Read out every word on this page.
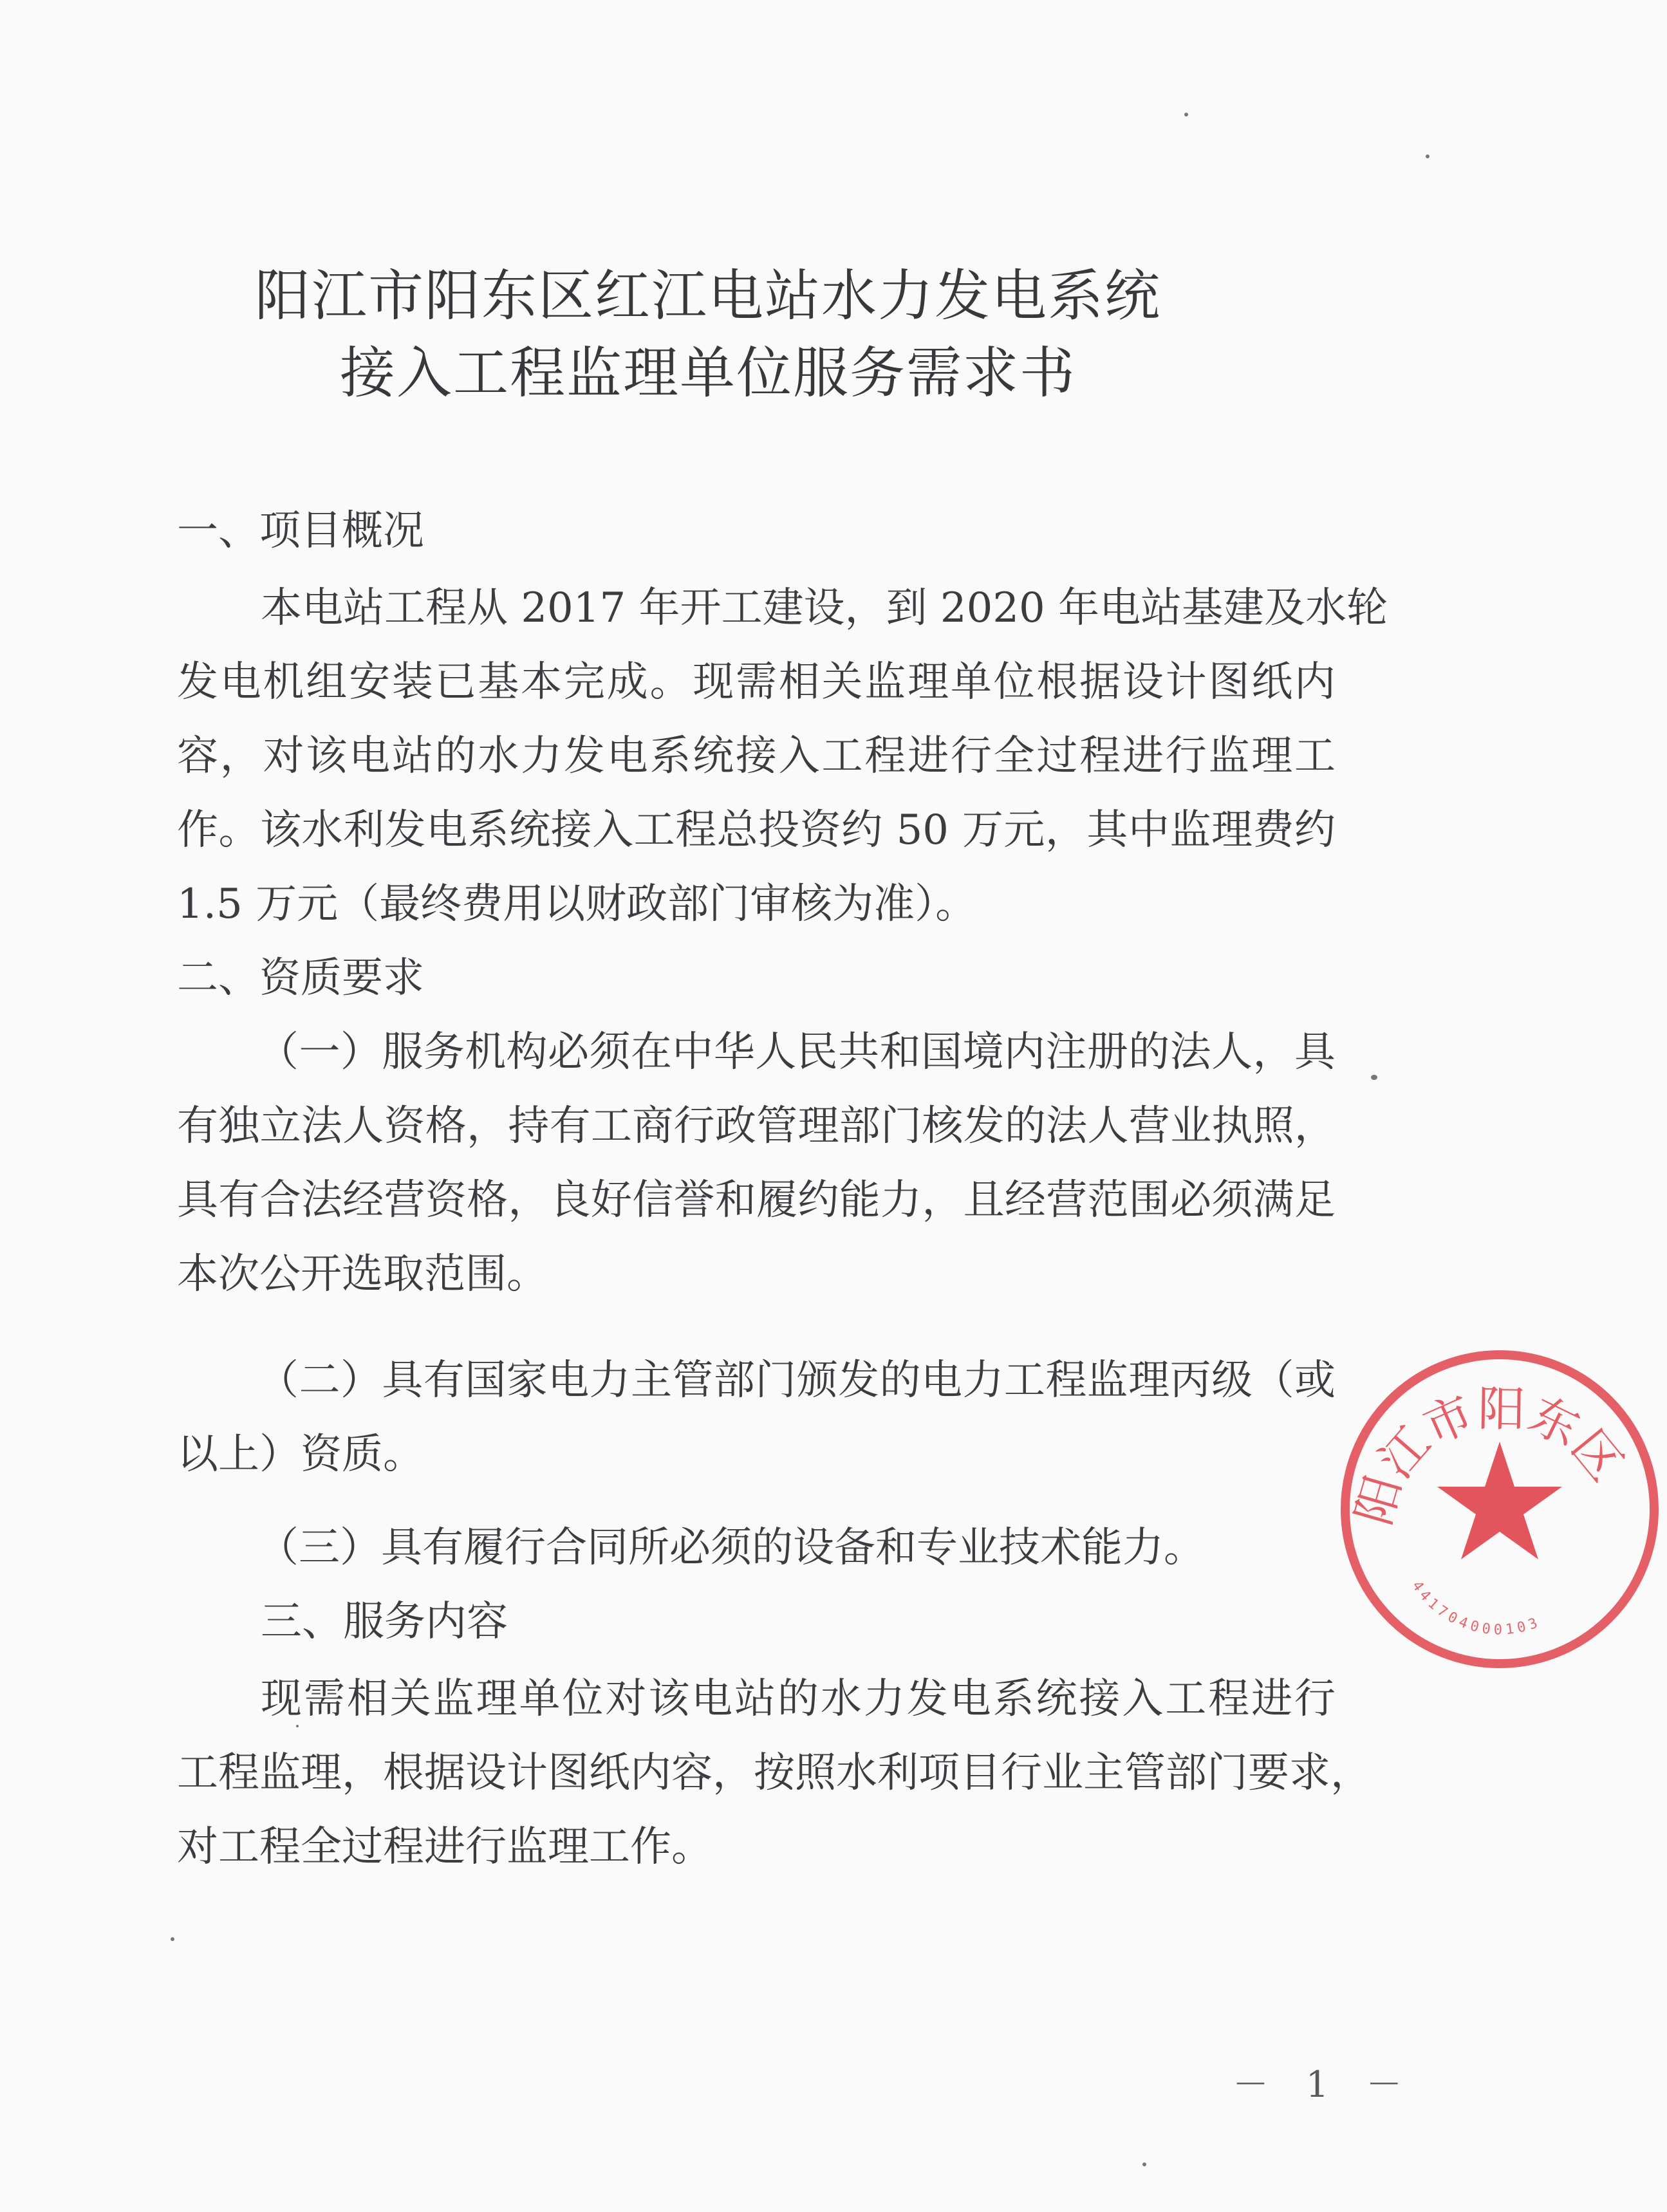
阳江市阳东区红江电站水力发电系统
接入工程监理单位服务需求书
一、项目概况
本电站工程从 2017 年开工建设，到 2020 年电站基建及水轮
发电机组安装已基本完成。现需相关监理单位根据设计图纸内
容，对该电站的水力发电系统接入工程进行全过程进行监理工
作。该水利发电系统接入工程总投资约 50 万元，其中监理费约
1.5 万元（最终费用以财政部门审核为准）。
二、资质要求
（一）服务机构必须在中华人民共和国境内注册的法人，具
有独立法人资格，持有工商行政管理部门核发的法人营业执照，
具有合法经营资格，良好信誉和履约能力，且经营范围必须满足
本次公开选取范围。
（二）具有国家电力主管部门颁发的电力工程监理丙级（或
以上）资质。
（三）具有履行合同所必须的设备和专业技术能力。
三、服务内容
现需相关监理单位对该电站的水力发电系统接入工程进行
工程监理，根据设计图纸内容，按照水利项目行业主管部门要求，
对工程全过程进行监理工作。
－ 1 －
阳江市阳东区
441704000103
